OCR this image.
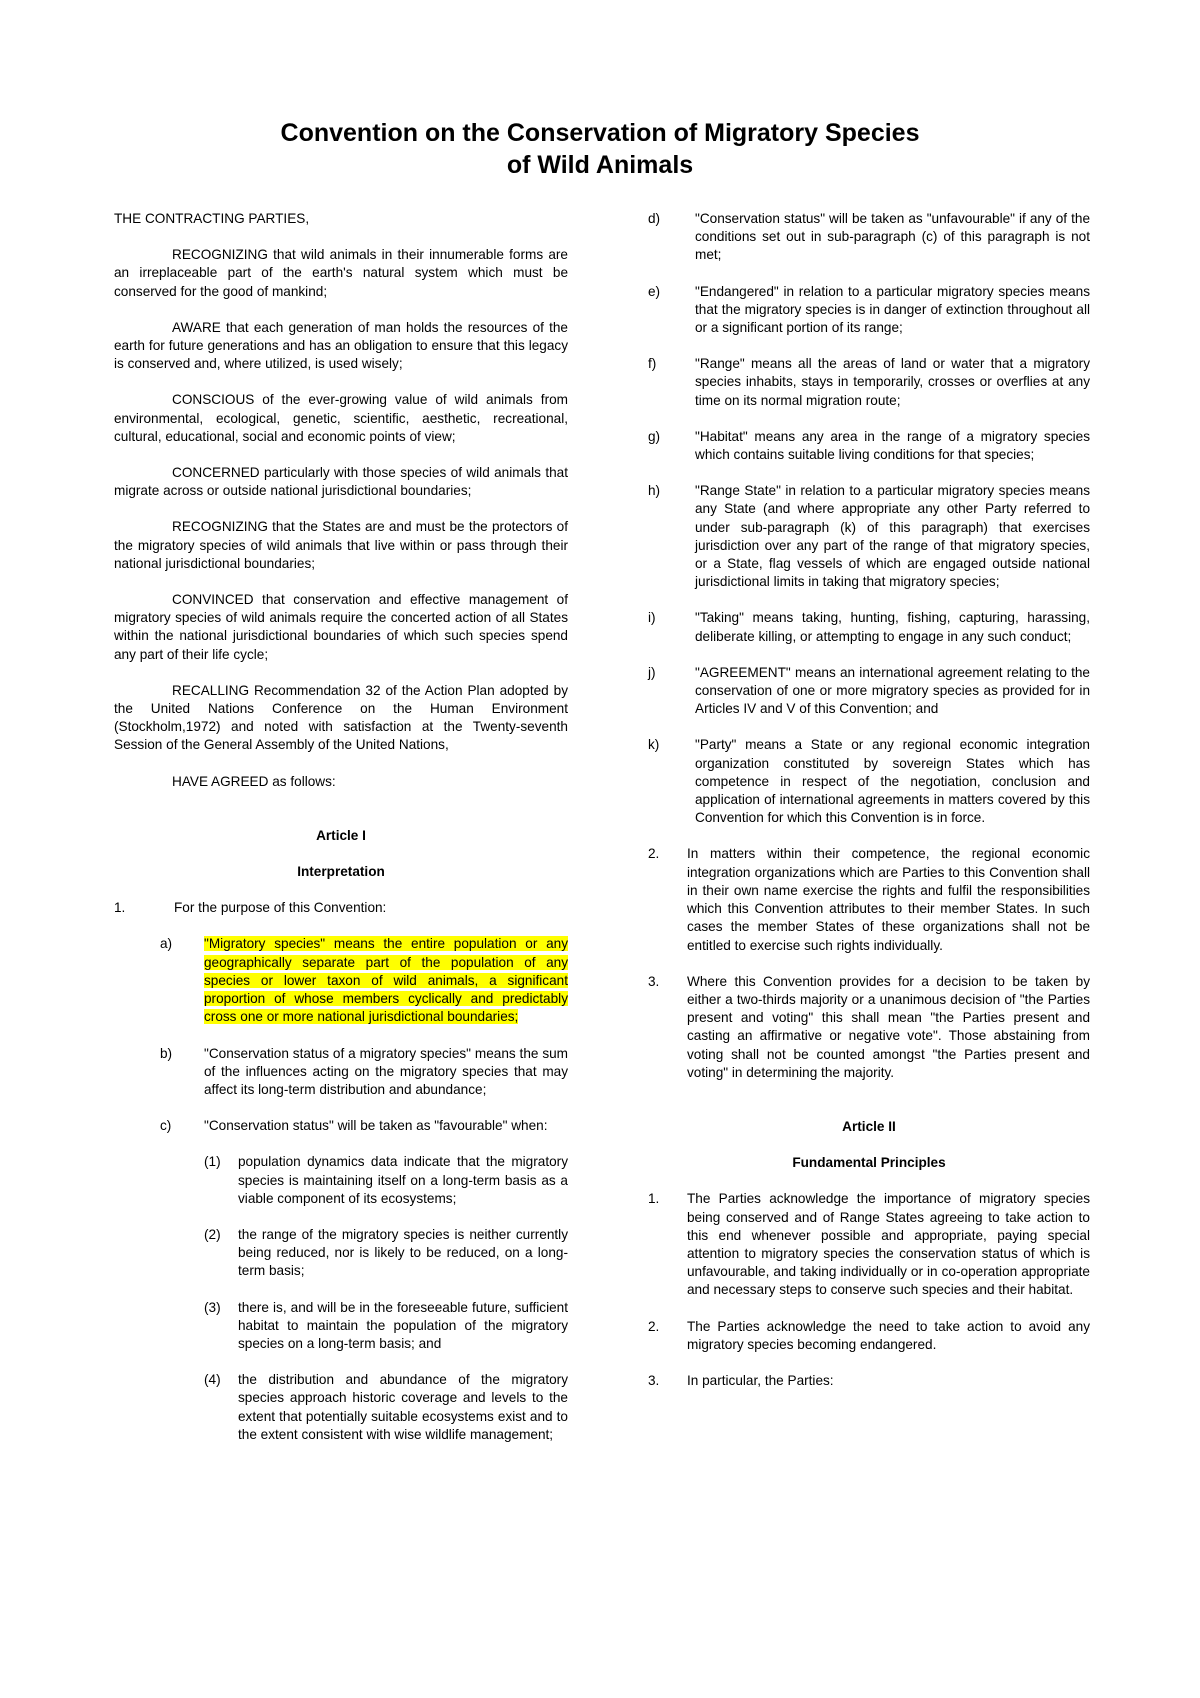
Convention on the Conservation of Migratory Species
of Wild Animals

THE CONTRACTING PARTIES,

RECOGNIZING that wild animals in their innumerable forms are an irreplaceable part of the earth's natural system which must be conserved for the good of mankind;

AWARE that each generation of man holds the resources of the earth for future generations and has an obligation to ensure that this legacy is conserved and, where utilized, is used wisely;

CONSCIOUS of the ever-growing value of wild animals from environmental, ecological, genetic, scientific, aesthetic, recreational, cultural, educational, social and economic points of view;

CONCERNED particularly with those species of wild animals that migrate across or outside national jurisdictional boundaries;

RECOGNIZING that the States are and must be the protectors of the migratory species of wild animals that live within or pass through their national jurisdictional boundaries;

CONVINCED that conservation and effective management of migratory species of wild animals require the concerted action of all States within the national jurisdictional boundaries of which such species spend any part of their life cycle;

RECALLING Recommendation 32 of the Action Plan adopted by the United Nations Conference on the Human Environment (Stockholm,1972) and noted with satisfaction at the Twenty-seventh Session of the General Assembly of the United Nations,

HAVE AGREED as follows:

Article I

Interpretation

1.	For the purpose of this Convention:
a)	"Migratory species" means the entire population or any geographically separate part of the population of any species or lower taxon of wild animals, a significant proportion of whose members cyclically and predictably cross one or more national jurisdictional boundaries;
b)	"Conservation status of a migratory species" means the sum of the influences acting on the migratory species that may affect its long-term distribution and abundance;
c)	"Conservation status" will be taken as "favourable" when:
(1)	population dynamics data indicate that the migratory species is maintaining itself on a long-term basis as a viable component of its ecosystems;
(2)	the range of the migratory species is neither currently being reduced, nor is likely to be reduced, on a long-term basis;
(3)	there is, and will be in the foreseeable future, sufficient habitat to maintain the population of the migratory species on a long-term basis; and
(4)	the distribution and abundance of the migratory species approach historic coverage and levels to the extent that potentially suitable ecosystems exist and to the extent consistent with wise wildlife management;
d)	"Conservation status" will be taken as "unfavourable" if any of the conditions set out in sub-paragraph (c) of this paragraph is not met;
e)	"Endangered" in relation to a particular migratory species means that the migratory species is in danger of extinction throughout all or a significant portion of its range;
f)	"Range" means all the areas of land or water that a migratory species inhabits, stays in temporarily, crosses or overflies at any time on its normal migration route;
g)	"Habitat" means any area in the range of a migratory species which contains suitable living conditions for that species;
h)	"Range State" in relation to a particular migratory species means any State (and where appropriate any other Party referred to under sub-paragraph (k) of this paragraph) that exercises jurisdiction over any part of the range of that migratory species, or a State, flag vessels of which are engaged outside national jurisdictional limits in taking that migratory species;
i)	"Taking" means taking, hunting, fishing, capturing, harassing, deliberate killing, or attempting to engage in any such conduct;
j)	"AGREEMENT" means an international agreement relating to the conservation of one or more migratory species as provided for in Articles IV and V of this Convention; and
k)	"Party" means a State or any regional economic integration organization constituted by sovereign States which has competence in respect of the negotiation, conclusion and application of international agreements in matters covered by this Convention for which this Convention is in force.
2.	In matters within their competence, the regional economic integration organizations which are Parties to this Convention shall in their own name exercise the rights and fulfil the responsibilities which this Convention attributes to their member States. In such cases the member States of these organizations shall not be entitled to exercise such rights individually.
3.	Where this Convention provides for a decision to be taken by either a two-thirds majority or a unanimous decision of "the Parties present and voting" this shall mean "the Parties present and casting an affirmative or negative vote". Those abstaining from voting shall not be counted amongst "the Parties present and voting" in determining the majority.

Article II

Fundamental Principles

1.	The Parties acknowledge the importance of migratory species being conserved and of Range States agreeing to take action to this end whenever possible and appropriate, paying special attention to migratory species the conservation status of which is unfavourable, and taking individually or in co-operation appropriate and necessary steps to conserve such species and their habitat.
2.	The Parties acknowledge the need to take action to avoid any migratory species becoming endangered.
3.	In particular, the Parties:
